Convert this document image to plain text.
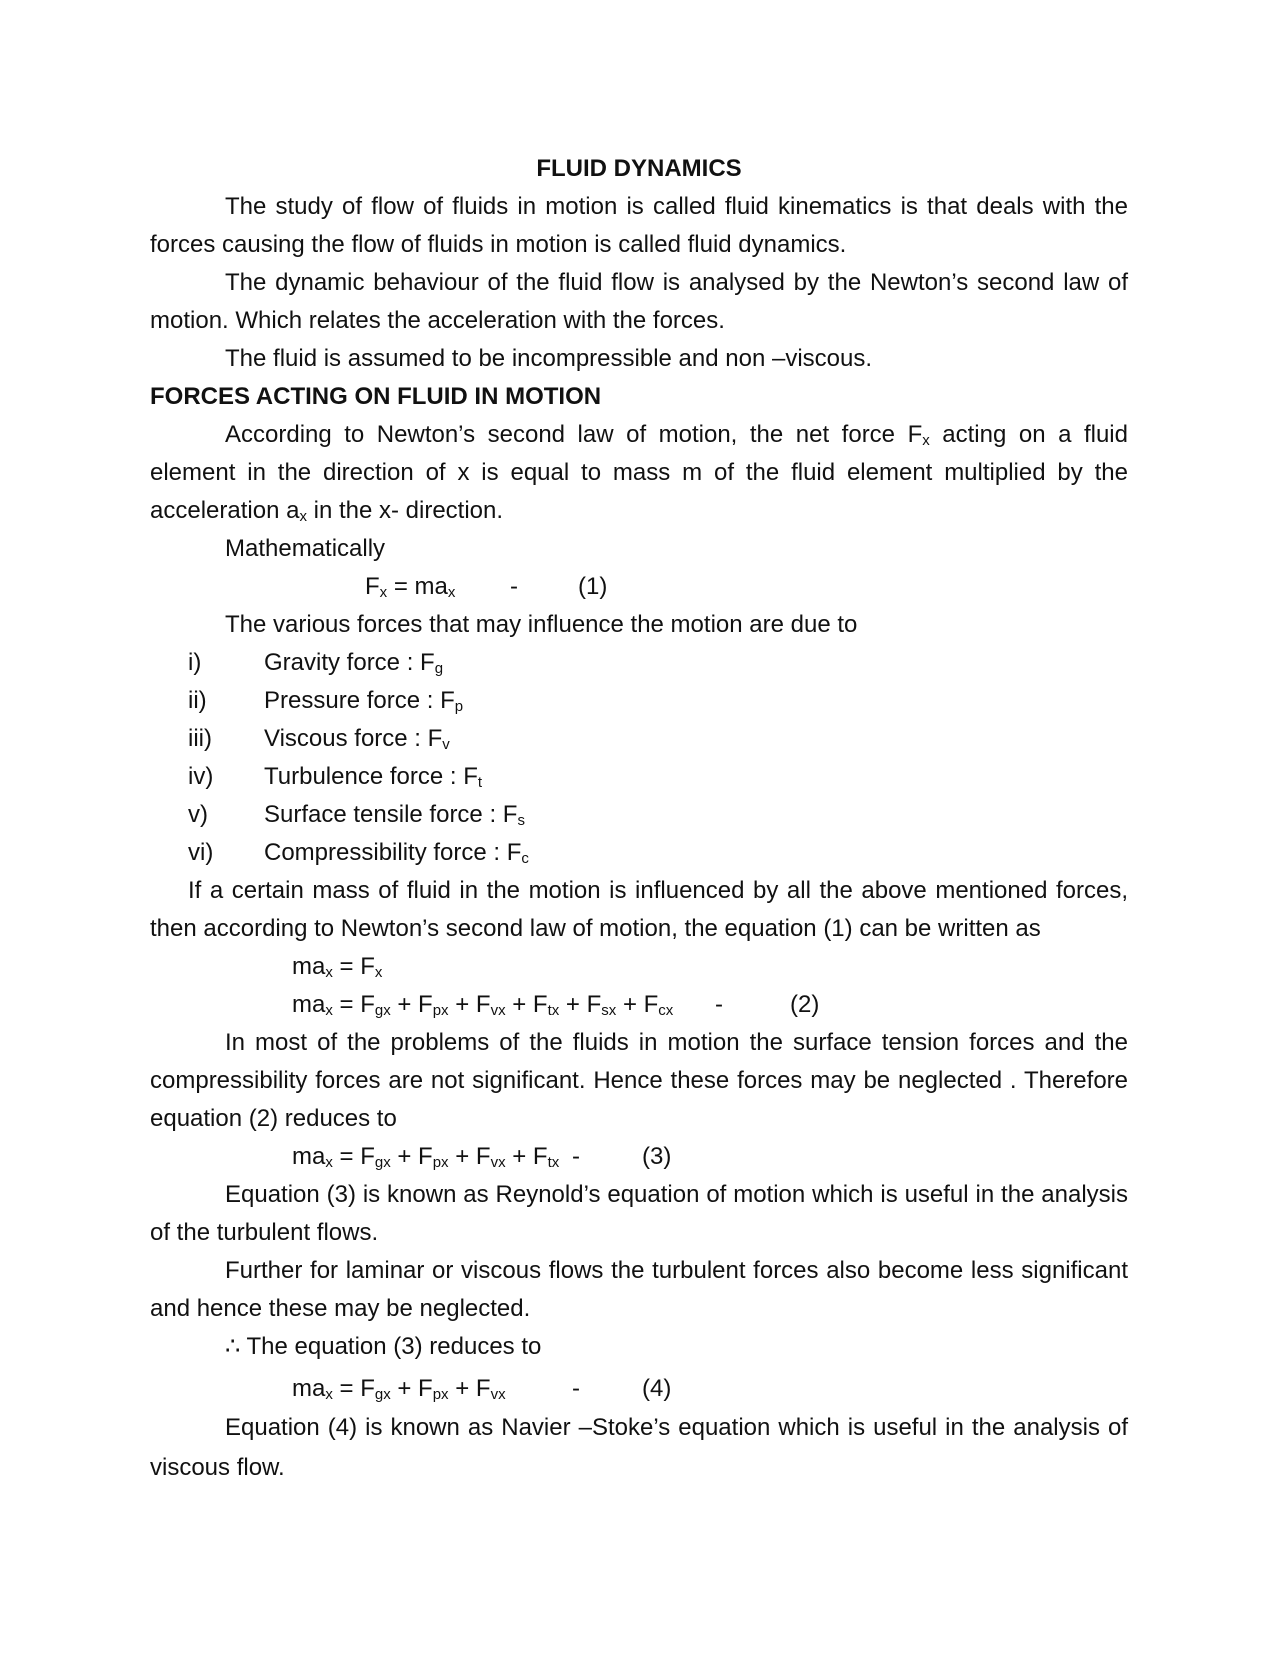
FLUID DYNAMICS
The study of flow of fluids in motion is called fluid kinematics is that deals with the forces causing the flow of fluids in motion is called fluid dynamics.
The dynamic behaviour of the fluid flow is analysed by the Newton’s second law of motion. Which relates the acceleration with the forces.
The fluid is assumed to be incompressible and non –viscous.
FORCES ACTING ON FLUID IN MOTION
According to Newton’s second law of motion, the net force $F_x$ acting on a fluid element in the direction of x is equal to mass m of the fluid element multiplied by the acceleration $a_x$ in the x- direction.
Mathematically
$F_x = ma_x$ -	(1)
The various forces that may influence the motion are due to
i)	Gravity force : $F_g$
ii) Pressure force : $F_p$
iii) Viscous force : $F_v$
iv) Turbulence force : $F_t$
v) Surface tensile force : $F_s$
vi) Compressibility force : $F_c$
If a certain mass of fluid in the motion is influenced by all the above mentioned forces, then according to Newton’s second law of motion, the equation (1) can be written as
$ma_x = F_x$
$ma_x = F_{gx} + F_{px} + F_{vx} + F_{tx} + F_{sx} + F_{cx}$ -	(2)
In most of the problems of the fluids in motion the surface tension forces and the compressibility forces are not significant. Hence these forces may be neglected . Therefore equation (2) reduces to
$ma_x = F_{gx} + F_{px} + F_{vx} + F_{tx}$ -	(3)
Equation (3) is known as Reynold’s equation of motion which is useful in the analysis of the turbulent flows.
Further for laminar or viscous flows the turbulent forces also become less significant and hence these may be neglected.
∴ The equation (3) reduces to
$ma_x = F_{gx} + F_{px} + F_{vx}$	-	(4)
Equation (4) is known as Navier –Stoke’s equation which is useful in the analysis of viscous flow.
